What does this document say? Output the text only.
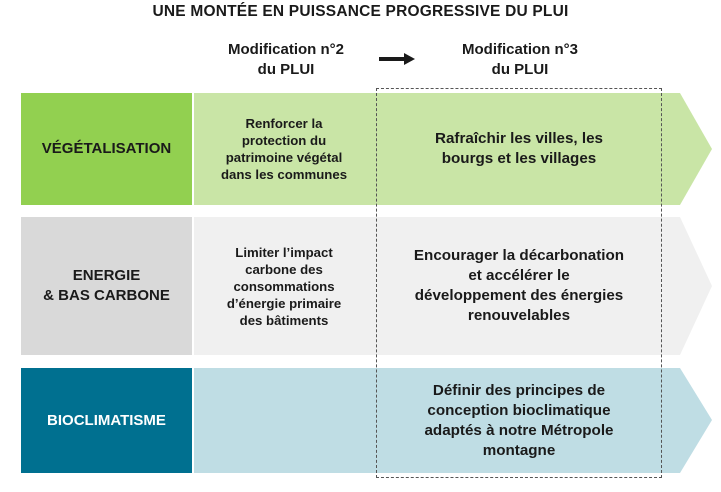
UNE MONTÉE EN PUISSANCE PROGRESSIVE DU PLUI
Modification n°2
du PLUI
Modification n°3
du PLUI
VÉGÉTALISATION
Renforcer la
protection du
patrimoine végétal
dans les communes
Rafraîchir les villes, les
bourgs et les villages
ENERGIE
& BAS CARBONE
Limiter l’impact
carbone des
consommations
d’énergie primaire
des bâtiments
Encourager la décarbonation
et accélérer le
développement des énergies
renouvelables
BIOCLIMATISME
Définir des principes de
conception bioclimatique
adaptés à notre Métropole
montagne
